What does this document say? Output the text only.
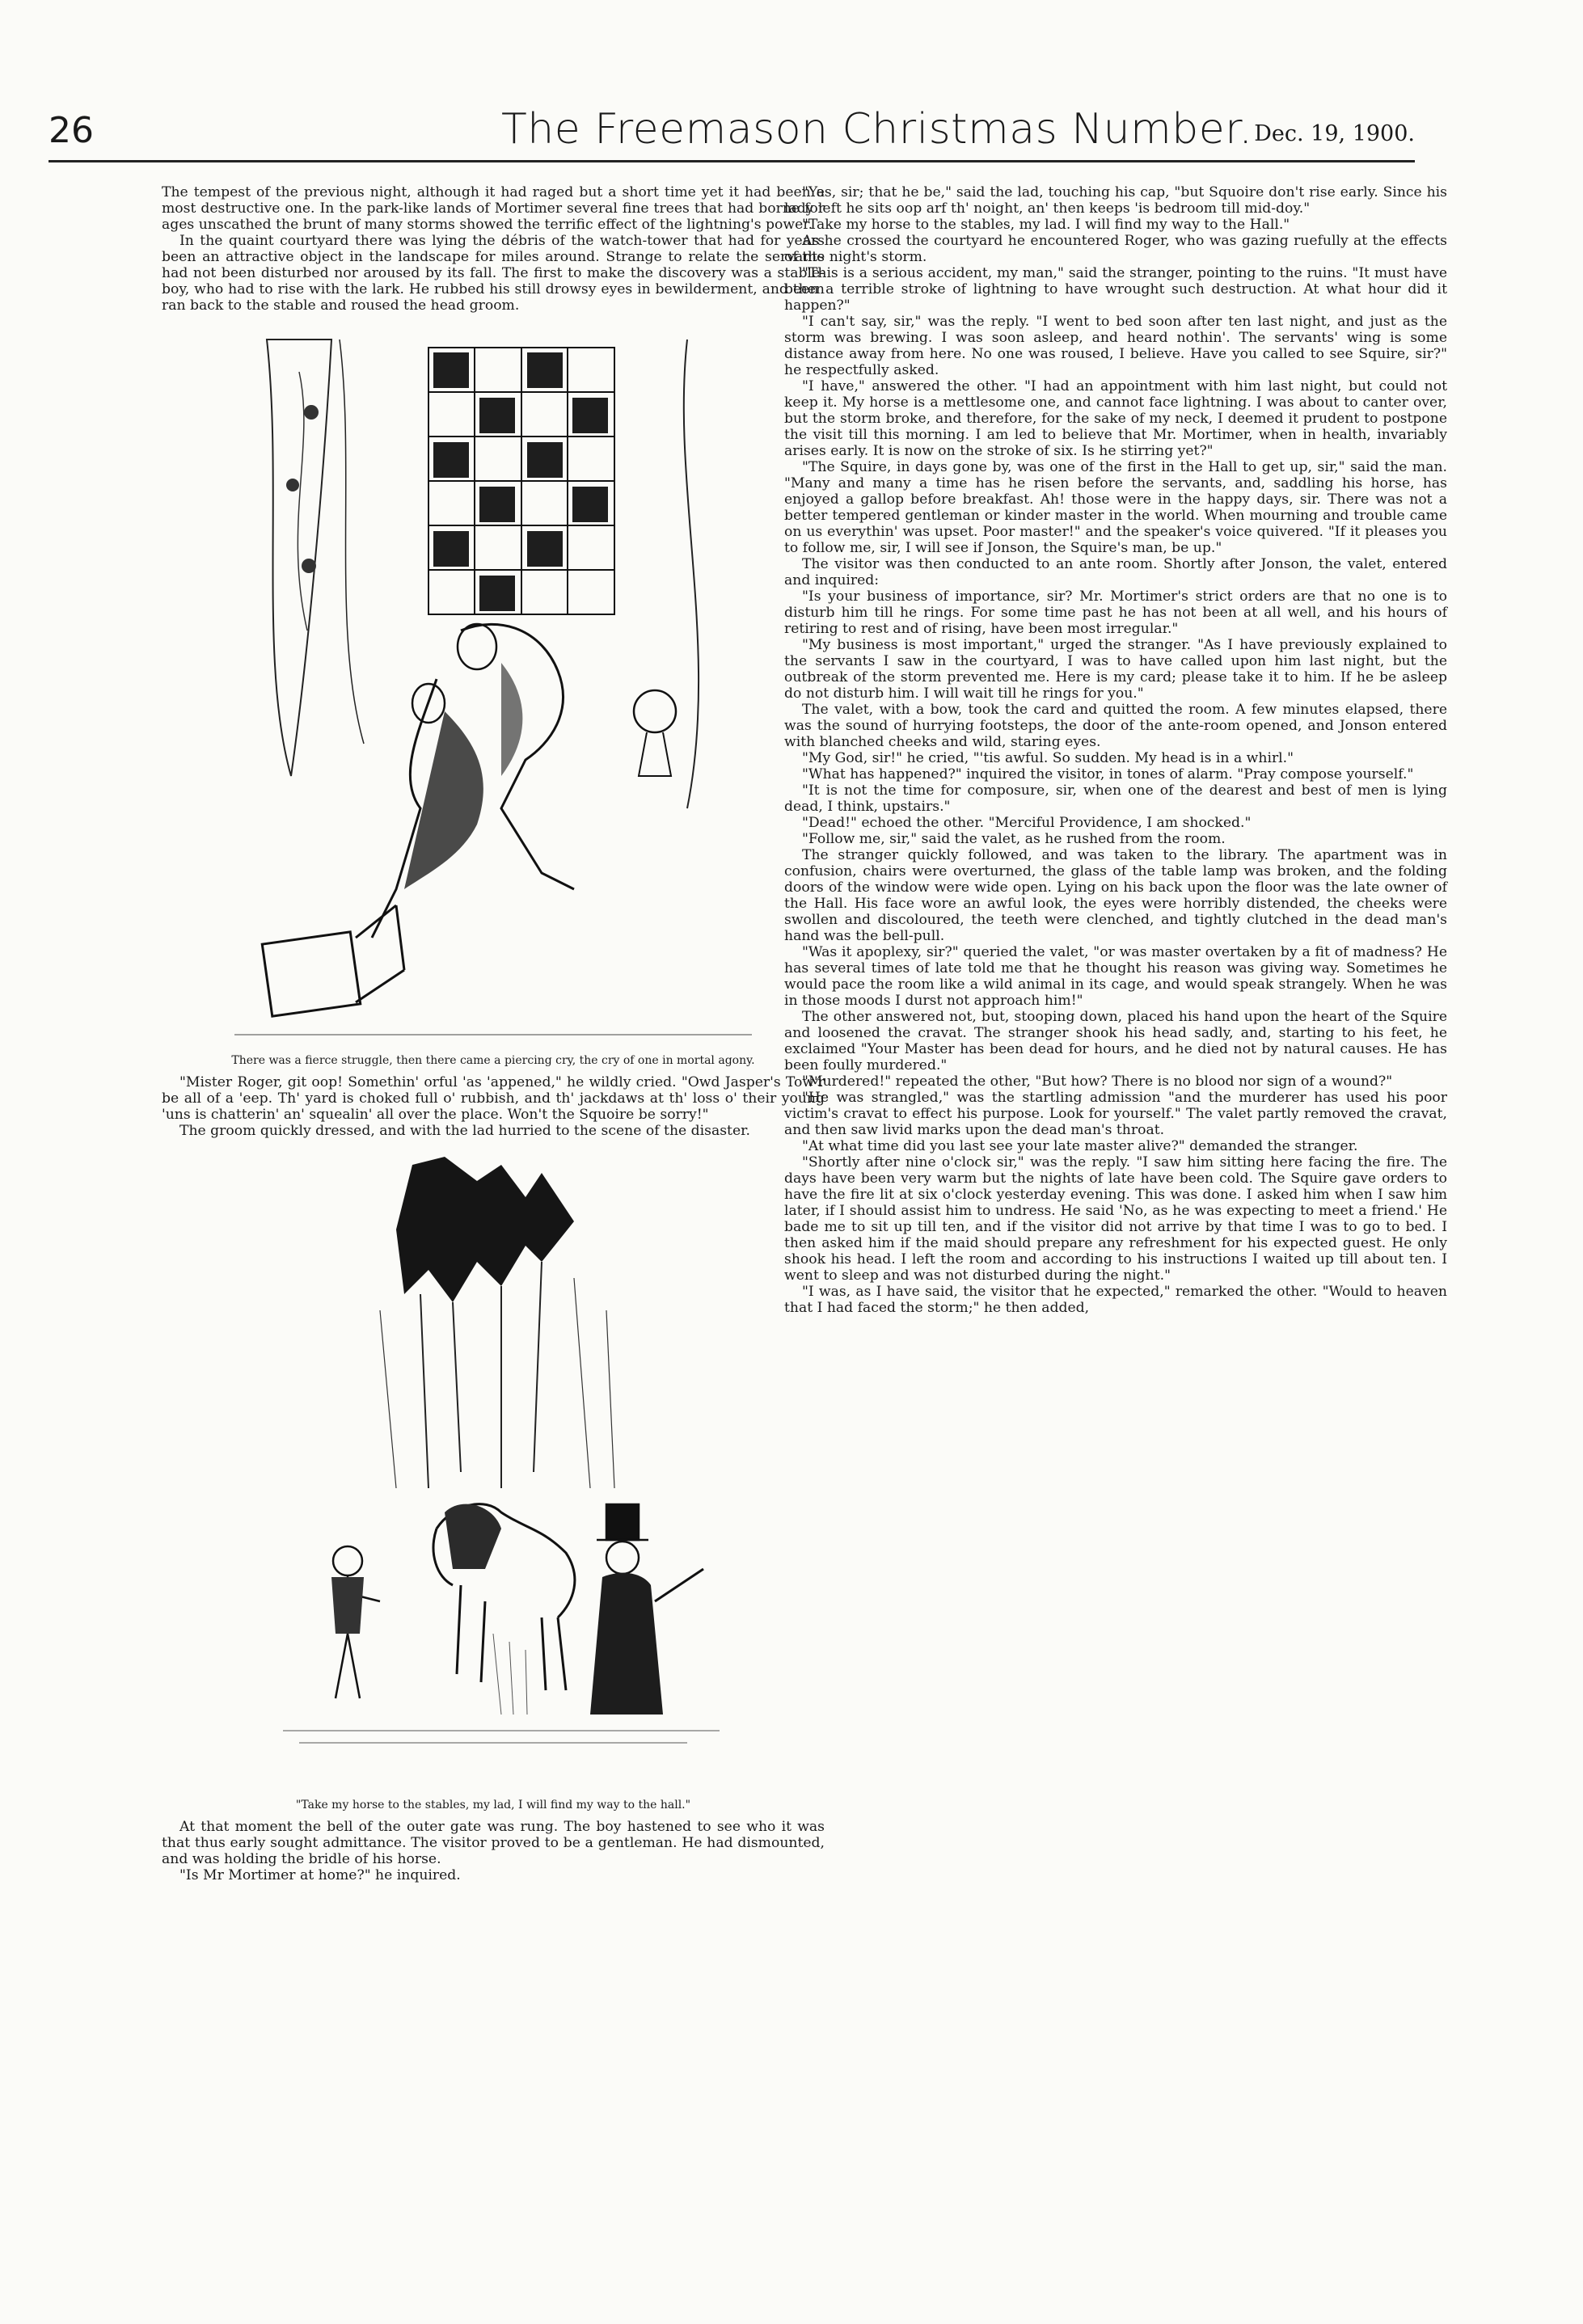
26	The Freemason Christmas Number. Dec. 19, 1900.

The tempest of the previous night, although it had raged but a short time yet it had been a most destructive one. In the park-like lands of Mortimer several fine trees that had borne for ages unscathed the brunt of many storms showed the terrific effect of the lightning's power.

In the quaint courtyard there was lying the débris of the watch-tower that had for years been an attractive object in the landscape for miles around. Strange to relate the servants had not been disturbed nor aroused by its fall. The first to make the discovery was a stable-boy, who had to rise with the lark. He rubbed his still drowsy eyes in bewilderment, and then ran back to the stable and roused the head groom.

There was a fierce struggle, then there came a piercing cry, the cry of one in mortal agony.

"Mister Roger, git oop! Somethin' orful 'as 'appened," he wildly cried. "Owd Jasper's Tow'r be all of a 'eep. Th' yard is choked full o' rubbish, and th' jackdaws at th' loss o' their young 'uns is chatterin' an' squealin' all over the place. Won't the Squoire be sorry!"

The groom quickly dressed, and with the lad hurried to the scene of the disaster.

"Take my horse to the stables, my lad, I will find my way to the hall."

At that moment the bell of the outer gate was rung. The boy hastened to see who it was that thus early sought admittance. The visitor proved to be a gentleman. He had dismounted, and was holding the bridle of his horse.

"Is Mr Mortimer at home?" he inquired.

"Yes, sir; that he be," said the lad, touching his cap, "but Squoire don't rise early. Since his lady left he sits oop arf th' noight, an' then keeps 'is bedroom till mid-doy."

"Take my horse to the stables, my lad. I will find my way to the Hall."

As he crossed the courtyard he encountered Roger, who was gazing ruefully at the effects of the night's storm.

"This is a serious accident, my man," said the stranger, pointing to the ruins. "It must have been a terrible stroke of lightning to have wrought such destruction. At what hour did it happen?"

"I can't say, sir," was the reply. "I went to bed soon after ten last night, and just as the storm was brewing. I was soon asleep, and heard nothin'. The servants' wing is some distance away from here. No one was roused, I believe. Have you called to see Squire, sir?" he respectfully asked.

"I have," answered the other. "I had an appointment with him last night, but could not keep it. My horse is a mettlesome one, and cannot face lightning. I was about to canter over, but the storm broke, and therefore, for the sake of my neck, I deemed it prudent to postpone the visit till this morning. I am led to believe that Mr. Mortimer, when in health, invariably arises early. It is now on the stroke of six. Is he stirring yet?"

"The Squire, in days gone by, was one of the first in the Hall to get up, sir," said the man. "Many and many a time has he risen before the servants, and, saddling his horse, has enjoyed a gallop before breakfast. Ah! those were in the happy days, sir. There was not a better tempered gentleman or kinder master in the world. When mourning and trouble came on us everythin' was upset. Poor master!" and the speaker's voice quivered. "If it pleases you to follow me, sir, I will see if Jonson, the Squire's man, be up."

The visitor was then conducted to an ante room. Shortly after Jonson, the valet, entered and inquired:

"Is your business of importance, sir? Mr. Mortimer's strict orders are that no one is to disturb him till he rings. For some time past he has not been at all well, and his hours of retiring to rest and of rising, have been most irregular."

"My business is most important," urged the stranger. "As I have previously explained to the servants I saw in the courtyard, I was to have called upon him last night, but the outbreak of the storm prevented me. Here is my card; please take it to him. If he be asleep do not disturb him. I will wait till he rings for you."

The valet, with a bow, took the card and quitted the room. A few minutes elapsed, there was the sound of hurrying footsteps, the door of the ante-room opened, and Jonson entered with blanched cheeks and wild, staring eyes.

"My God, sir!" he cried, "'tis awful. So sudden. My head is in a whirl."

"What has happened?" inquired the visitor, in tones of alarm. "Pray compose yourself."

"It is not the time for composure, sir, when one of the dearest and best of men is lying dead, I think, upstairs."

"Dead!" echoed the other. "Merciful Providence, I am shocked."

"Follow me, sir," said the valet, as he rushed from the room.

The stranger quickly followed, and was taken to the library. The apartment was in confusion, chairs were overturned, the glass of the table lamp was broken, and the folding doors of the window were wide open. Lying on his back upon the floor was the late owner of the Hall. His face wore an awful look, the eyes were horribly distended, the cheeks were swollen and discoloured, the teeth were clenched, and tightly clutched in the dead man's hand was the bell-pull.

"Was it apoplexy, sir?" queried the valet, "or was master overtaken by a fit of madness? He has several times of late told me that he thought his reason was giving way. Sometimes he would pace the room like a wild animal in its cage, and would speak strangely. When he was in those moods I durst not approach him!"

The other answered not, but, stooping down, placed his hand upon the heart of the Squire and loosened the cravat. The stranger shook his head sadly, and, starting to his feet, he exclaimed "Your Master has been dead for hours, and he died not by natural causes. He has been foully murdered."

"Murdered!" repeated the other, "But how? There is no blood nor sign of a wound?"

"He was strangled," was the startling admission "and the murderer has used his poor victim's cravat to effect his purpose. Look for yourself." The valet partly removed the cravat, and then saw livid marks upon the dead man's throat.

"At what time did you last see your late master alive?" demanded the stranger.

"Shortly after nine o'clock sir," was the reply. "I saw him sitting here facing the fire. The days have been very warm but the nights of late have been cold. The Squire gave orders to have the fire lit at six o'clock yesterday evening. This was done. I asked him when I saw him later, if I should assist him to undress. He said 'No, as he was expecting to meet a friend.' He bade me to sit up till ten, and if the visitor did not arrive by that time I was to go to bed. I then asked him if the maid should prepare any refreshment for his expected guest. He only shook his head. I left the room and according to his instructions I waited up till about ten. I went to sleep and was not disturbed during the night."

"I was, as I have said, the visitor that he expected," remarked the other. "Would to heaven that I had faced the storm;" he then added,
